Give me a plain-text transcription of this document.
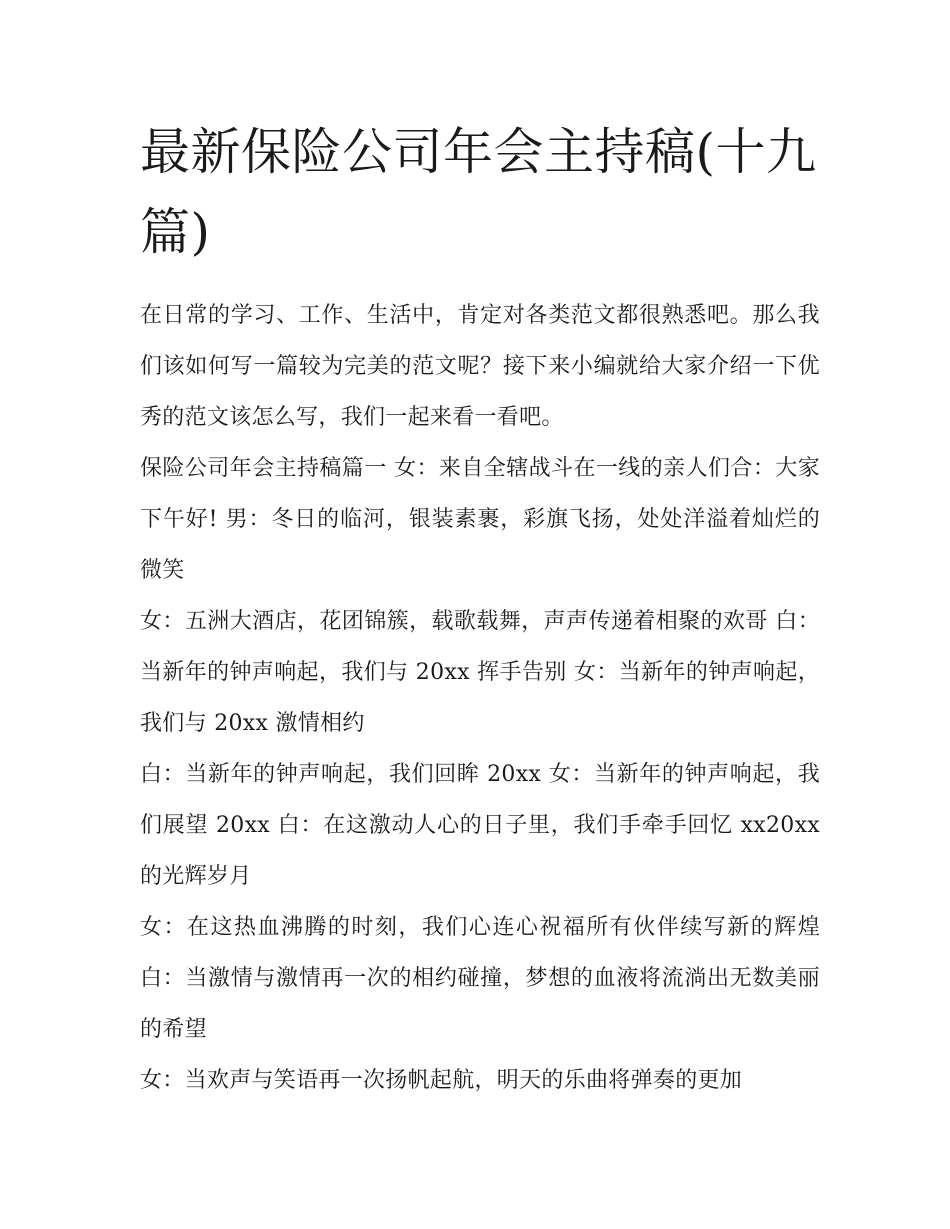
最新保险公司年会主持稿(十九篇)

在日常的学习、工作、生活中，肯定对各类范文都很熟悉吧。那么我们该如何写一篇较为完美的范文呢？接下来小编就给大家介绍一下优秀的范文该怎么写，我们一起来看一看吧。

保险公司年会主持稿篇一 女：来自全辖战斗在一线的亲人们合：大家下午好! 男：冬日的临河，银装素裹，彩旗飞扬，处处洋溢着灿烂的微笑

女：五洲大酒店，花团锦簇，载歌载舞，声声传递着相聚的欢哥 白：当新年的钟声响起，我们与 20xx 挥手告别 女：当新年的钟声响起，我们与 20xx 激情相约

白：当新年的钟声响起，我们回眸 20xx 女：当新年的钟声响起，我们展望 20xx 白：在这激动人心的日子里，我们手牵手回忆 xx20xx 的光辉岁月

女：在这热血沸腾的时刻，我们心连心祝福所有伙伴续写新的辉煌 白：当激情与激情再一次的相约碰撞，梦想的血液将流淌出无数美丽的希望

女：当欢声与笑语再一次扬帆起航，明天的乐曲将弹奏的更加
